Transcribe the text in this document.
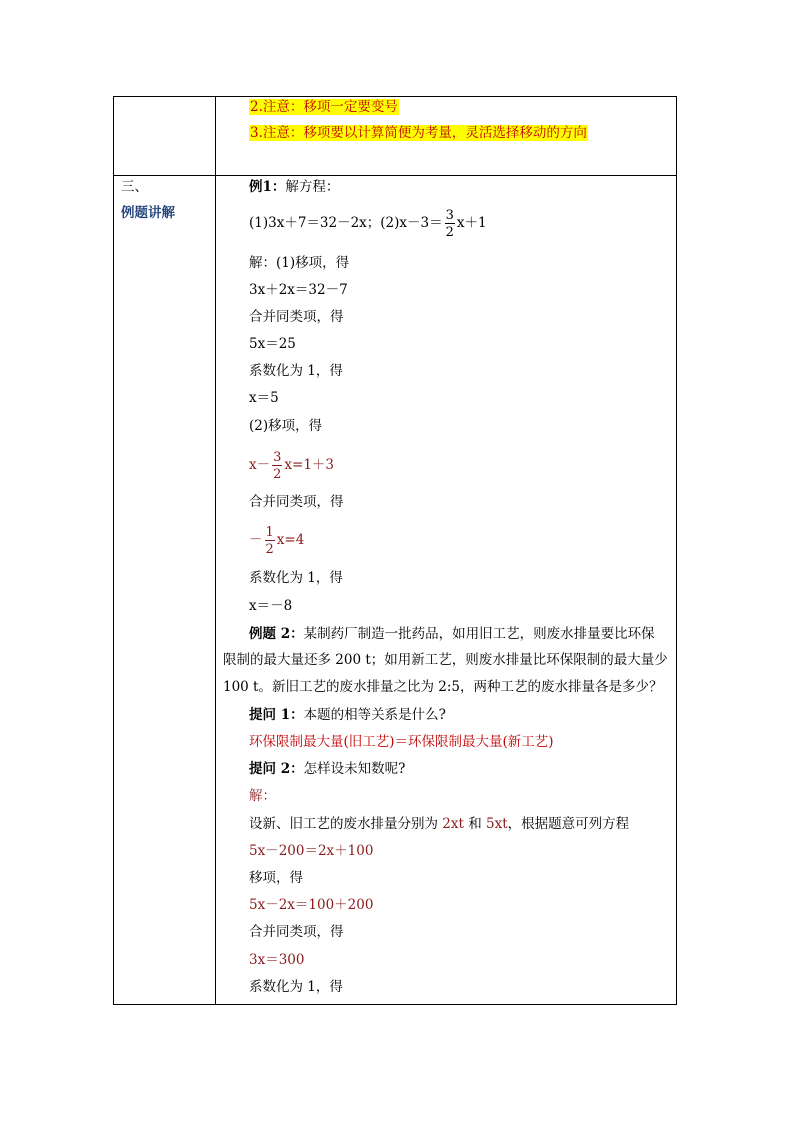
2.注意：移项一定要变号
3.注意：移项要以计算简便为考量，灵活选择移动的方向
三、
例题讲解
例1：解方程：
(1)3x＋7＝32－2x；$(2)x-3= \frac{3}{2} x+1$
解：(1)移项，得
3x＋2x＝32－7
合并同类项，得
5x＝25
系数化为 1，得
x＝5
(2)移项，得
$x- \frac{3}{2} x=1+3$
合并同类项，得
－ $\frac{1}{2} x=4$
系数化为 1，得
x＝－8
例题 2：某制药厂制造一批药品，如用旧工艺，则废水排量要比环保
限制的最大量还多 200 t；如用新工艺，则废水排量比环保限制的最大量少
100 t。新旧工艺的废水排量之比为 2:5，两种工艺的废水排量各是多少？
提问 1：本题的相等关系是什么?
环保限制最大量(旧工艺)＝环保限制最大量(新工艺)
提问 2：怎样设未知数呢?
解：
设新、旧工艺的废水排量分别为 2xt 和 5xt，根据题意可列方程
5x－200＝2x＋100
移项，得
5x－2x＝100＋200
合并同类项，得
3x＝300
系数化为 1，得
